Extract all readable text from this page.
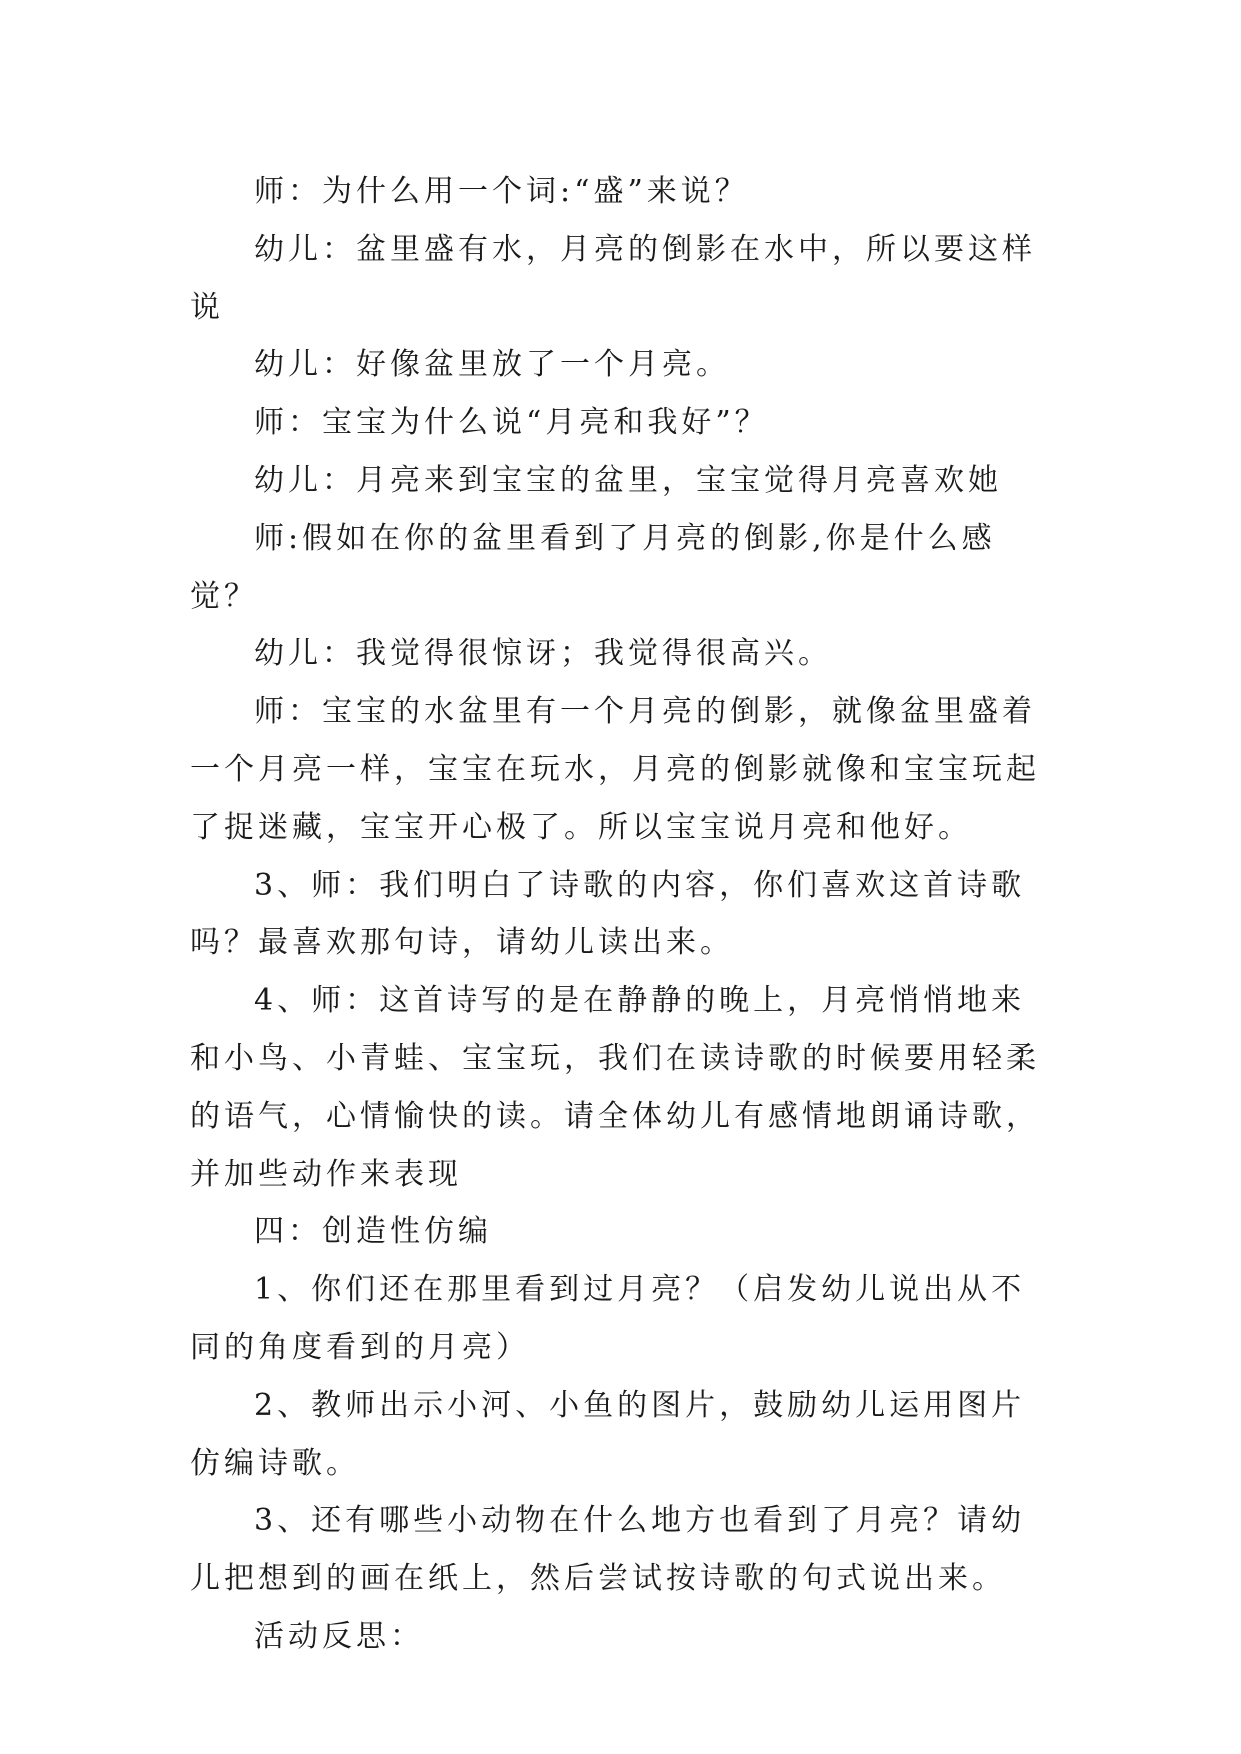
师：为什么用一个词:“盛”来说？

幼儿：盆里盛有水，月亮的倒影在水中，所以要这样说

幼儿：好像盆里放了一个月亮。

师：宝宝为什么说“月亮和我好”？

幼儿：月亮来到宝宝的盆里，宝宝觉得月亮喜欢她

师:假如在你的盆里看到了月亮的倒影,你是什么感觉？

幼儿：我觉得很惊讶；我觉得很高兴。

师：宝宝的水盆里有一个月亮的倒影，就像盆里盛着一个月亮一样，宝宝在玩水，月亮的倒影就像和宝宝玩起了捉迷藏，宝宝开心极了。所以宝宝说月亮和他好。

3、师：我们明白了诗歌的内容，你们喜欢这首诗歌吗？最喜欢那句诗，请幼儿读出来。

4、师：这首诗写的是在静静的晚上，月亮悄悄地来和小鸟、小青蛙、宝宝玩，我们在读诗歌的时候要用轻柔的语气，心情愉快的读。请全体幼儿有感情地朗诵诗歌，并加些动作来表现

四：创造性仿编

1、你们还在那里看到过月亮？（启发幼儿说出从不同的角度看到的月亮）

2、教师出示小河、小鱼的图片，鼓励幼儿运用图片仿编诗歌。

3、还有哪些小动物在什么地方也看到了月亮？请幼儿把想到的画在纸上，然后尝试按诗歌的句式说出来。

活动反思：
